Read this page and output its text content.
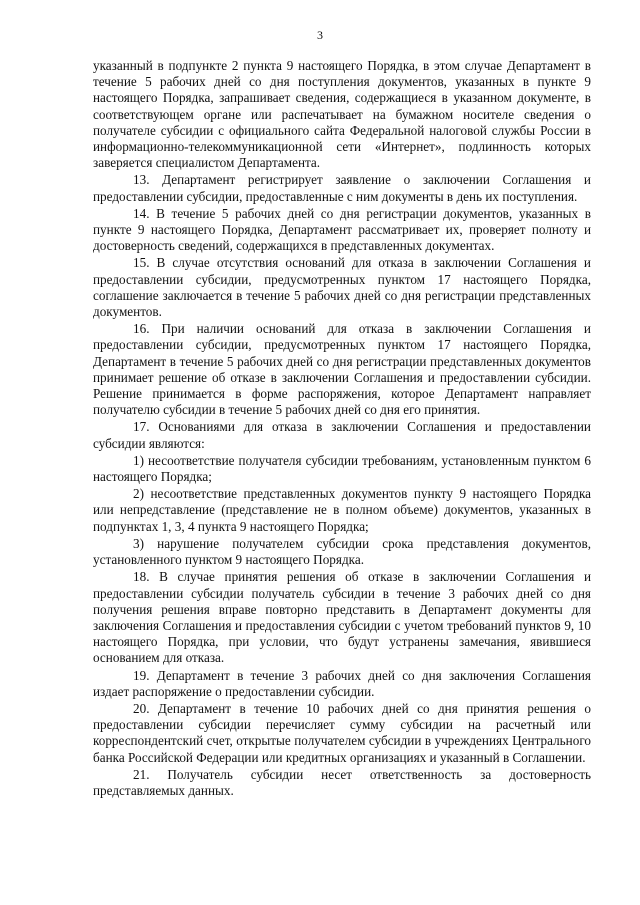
3

указанный в подпункте 2 пункта 9 настоящего Порядка, в этом случае Департамент в течение 5 рабочих дней со дня поступления документов, указанных в пункте 9 настоящего Порядка, запрашивает сведения, содержащиеся в указанном документе, в соответствующем органе или распечатывает на бумажном носителе сведения о получателе субсидии с официального сайта Федеральной налоговой службы России в информационно-телекоммуникационной сети «Интернет», подлинность которых заверяется специалистом Департамента.

13. Департамент регистрирует заявление о заключении Соглашения и предоставлении субсидии, предоставленные с ним документы в день их поступления.

14. В течение 5 рабочих дней со дня регистрации документов, указанных в пункте 9 настоящего Порядка, Департамент рассматривает их, проверяет полноту и достоверность сведений, содержащихся в представленных документах.

15. В случае отсутствия оснований для отказа в заключении Соглашения и предоставлении субсидии, предусмотренных пунктом 17 настоящего Порядка, соглашение заключается в течение 5 рабочих дней со дня регистрации представленных документов.

16. При наличии оснований для отказа в заключении Соглашения и предоставлении субсидии, предусмотренных пунктом 17 настоящего Порядка, Департамент в течение 5 рабочих дней со дня регистрации представленных документов принимает решение об отказе в заключении Соглашения и предоставлении субсидии. Решение принимается в форме распоряжения, которое Департамент направляет получателю субсидии в течение 5 рабочих дней со дня его принятия.

17. Основаниями для отказа в заключении Соглашения и предоставлении субсидии являются:

1) несоответствие получателя субсидии требованиям, установленным пунктом 6 настоящего Порядка;

2) несоответствие представленных документов пункту 9 настоящего Порядка или непредставление (представление не в полном объеме) документов, указанных в подпунктах 1, 3, 4 пункта 9 настоящего Порядка;

3) нарушение получателем субсидии срока представления документов, установленного пунктом 9 настоящего Порядка.

18. В случае принятия решения об отказе в заключении Соглашения и предоставлении субсидии получатель субсидии в течение 3 рабочих дней со дня получения решения вправе повторно представить в Департамент документы для заключения Соглашения и предоставления субсидии с учетом требований пунктов 9, 10 настоящего Порядка, при условии, что будут устранены замечания, явившиеся основанием для отказа.

19. Департамент в течение 3 рабочих дней со дня заключения Соглашения издает распоряжение о предоставлении субсидии.

20. Департамент в течение 10 рабочих дней со дня принятия решения о предоставлении субсидии перечисляет сумму субсидии на расчетный или корреспондентский счет, открытые получателем субсидии в учреждениях Центрального банка Российской Федерации или кредитных организациях и указанный в Соглашении.

21. Получатель субсидии несет ответственность за достоверность представляемых данных.
